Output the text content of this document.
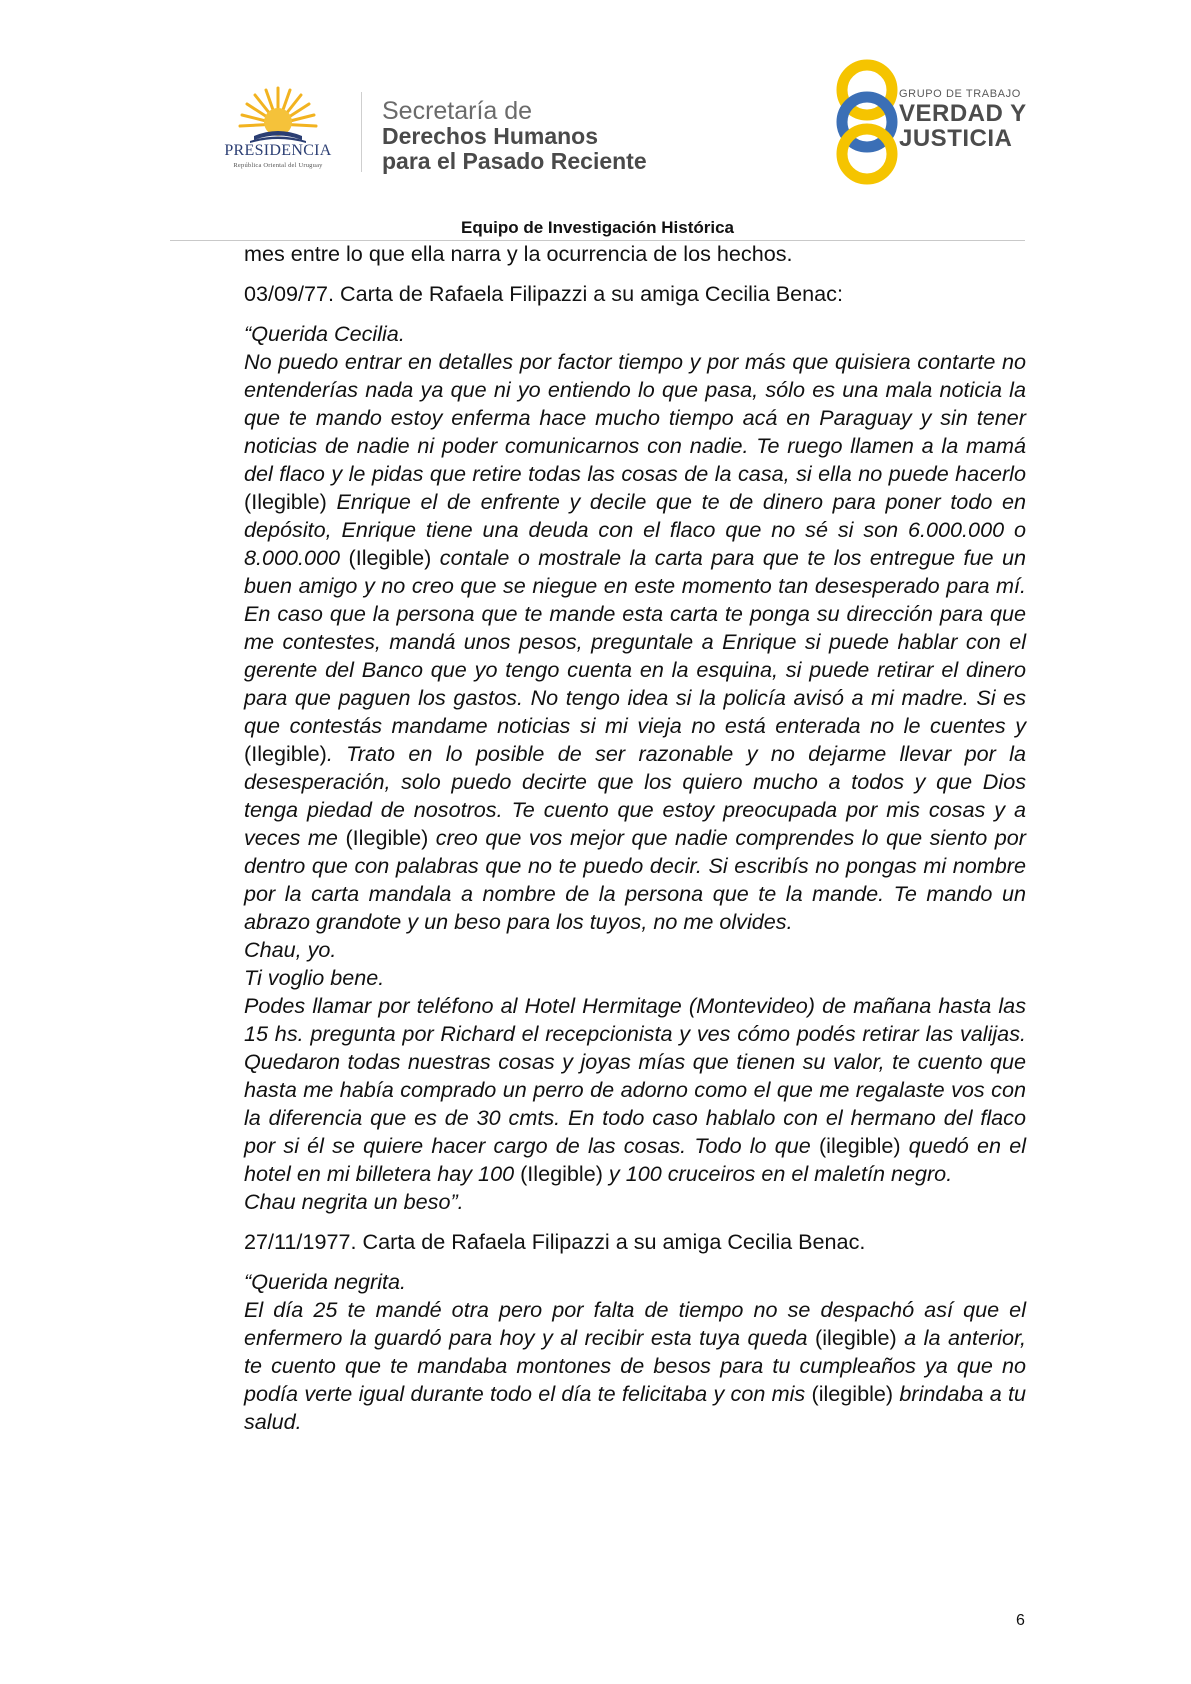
PRESIDENCIA
República Oriental del Uruguay
Secretaría de
Derechos Humanos
para el Pasado Reciente
GRUPO DE TRABAJO
VERDAD Y
JUSTICIA
Equipo de Investigación Histórica

mes entre lo que ella narra y la ocurrencia de los hechos.

03/09/77. Carta de Rafaela Filipazzi a su amiga Cecilia Benac:

“Querida Cecilia.

No puedo entrar en detalles por factor tiempo y por más que quisiera contarte no entenderías nada ya que ni yo entiendo lo que pasa, sólo es una mala noticia la que te mando estoy enferma hace mucho tiempo acá en Paraguay y sin tener noticias de nadie ni poder comunicarnos con nadie. Te ruego llamen a la mamá del flaco y le pidas que retire todas las cosas de la casa, si ella no puede hacerlo (Ilegible) Enrique el de enfrente y decile que te de dinero para poner todo en depósito, Enrique tiene una deuda con el flaco que no sé si son 6.000.000 o 8.000.000 (Ilegible) contale o mostrale la carta para que te los entregue fue un buen amigo y no creo que se niegue en este momento tan desesperado para mí. En caso que la persona que te mande esta carta te ponga su dirección para que me contestes, mandá unos pesos, preguntale a Enrique si puede hablar con el gerente del Banco que yo tengo cuenta en la esquina, si puede retirar el dinero para que paguen los gastos. No tengo idea si la policía avisó a mi madre. Si es que contestás mandame noticias si mi vieja no está enterada no le cuentes y (Ilegible). Trato en lo posible de ser razonable y no dejarme llevar por la desesperación, solo puedo decirte que los quiero mucho a todos y que Dios tenga piedad de nosotros. Te cuento que estoy preocupada por mis cosas y a veces me (Ilegible) creo que vos mejor que nadie comprendes lo que siento por dentro que con palabras que no te puedo decir. Si escribís no pongas mi nombre por la carta mandala a nombre de la persona que te la mande. Te mando un abrazo grandote y un beso para los tuyos, no me olvides.

Chau, yo.

Ti voglio bene.

Podes llamar por teléfono al Hotel Hermitage (Montevideo) de mañana hasta las 15 hs. pregunta por Richard el recepcionista y ves cómo podés retirar las valijas. Quedaron todas nuestras cosas y joyas mías que tienen su valor, te cuento que hasta me había comprado un perro de adorno como el que me regalaste vos con la diferencia que es de 30 cmts. En todo caso hablalo con el hermano del flaco por si él se quiere hacer cargo de las cosas. Todo lo que (ilegible) quedó en el hotel en mi billetera hay 100 (Ilegible) y 100 cruceiros en el maletín negro.

Chau negrita un beso”.

27/11/1977. Carta de Rafaela Filipazzi a su amiga Cecilia Benac.

“Querida negrita.

El día 25 te mandé otra pero por falta de tiempo no se despachó así que el enfermero la guardó para hoy y al recibir esta tuya queda (ilegible) a la anterior, te cuento que te mandaba montones de besos para tu cumpleaños ya que no podía verte igual durante todo el día te felicitaba y con mis (ilegible) brindaba a tu salud.

6
